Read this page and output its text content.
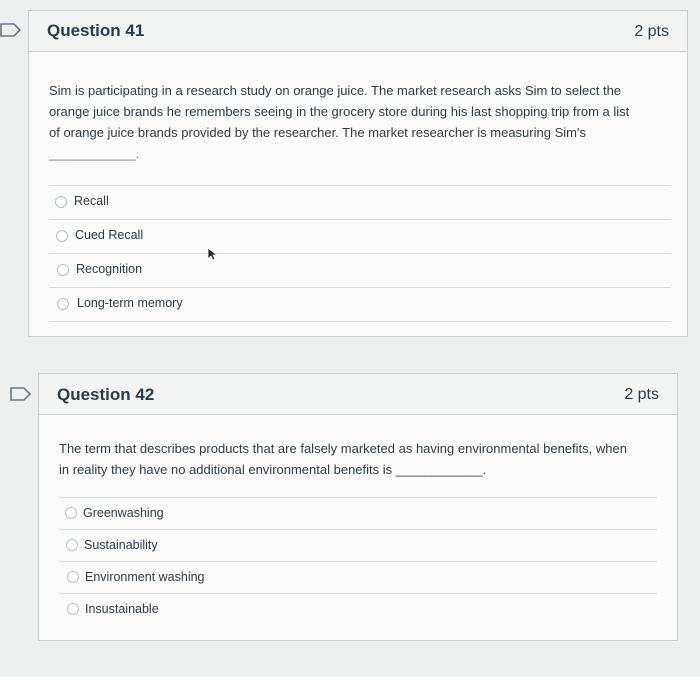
Question 41	2 pts
Sim is participating in a research study on orange juice. The market research asks Sim to select the
orange juice brands he remembers seeing in the grocery store during his last shopping trip from a list
of orange juice brands provided by the researcher. The market researcher is measuring Sim's
____________.
Recall
Cued Recall
Recognition
Long-term memory
Question 42	2 pts
The term that describes products that are falsely marketed as having environmental benefits, when
in reality they have no additional environmental benefits is ____________.
Greenwashing
Sustainability
Environment washing
Insustainable
